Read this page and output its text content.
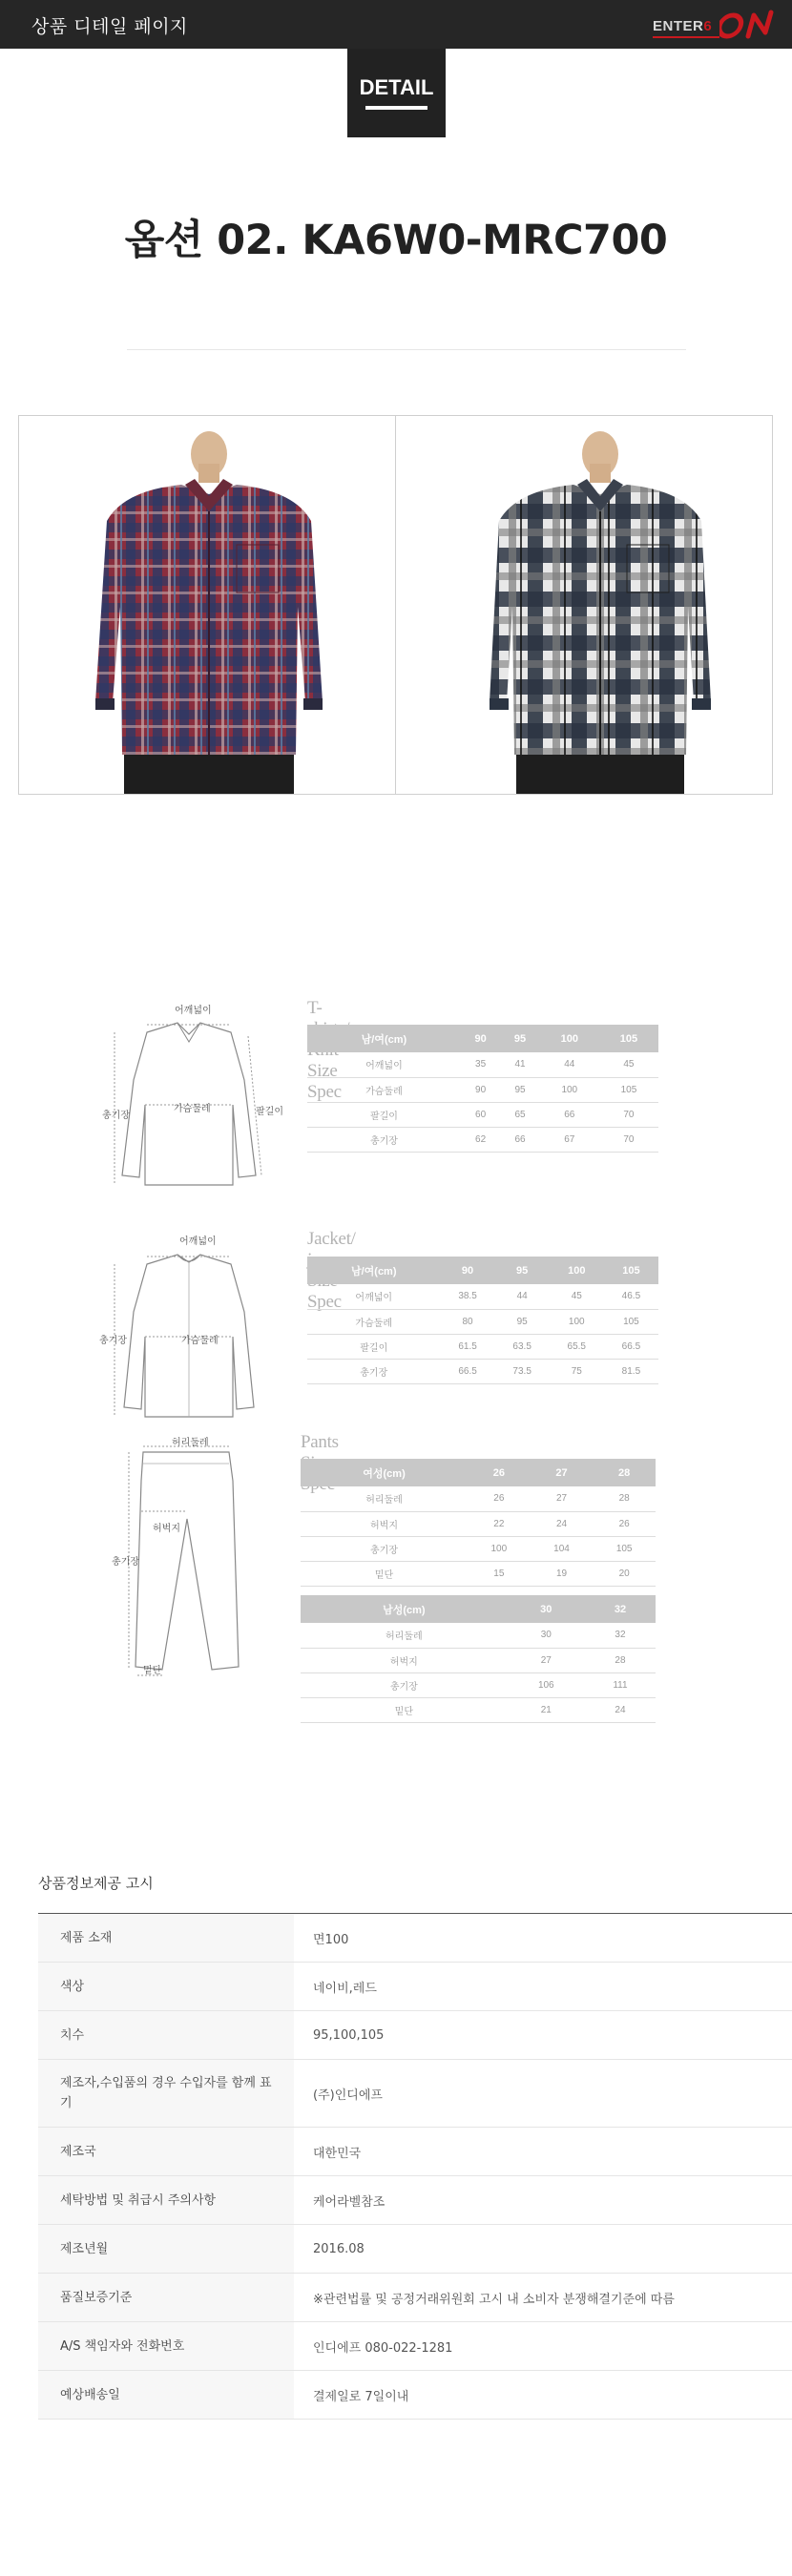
상품 디테일 페이지	ENTER6
DETAIL
옵션 02. KA6W0-MRC700
어깨넓이
가슴둘레	팔길이
총기장
T- Size Spec
남/여(cm)	90	95	100	105
어깨넓이	35	41	44	45
가슴둘레	90	95	100	105
팔길이	60	65	66	70
총기장	62	66	67	70
어깨넓이
가슴둘레
총기장
Jacket/ Spec
남/여(cm)	90	95	100	105
어깨넓이	38.5	44	45	46.5
가슴둘레	80	95	100	105
팔길이	61.5	63.5	65.5	66.5
총기장	66.5	73.5	75	81.5
허리둘레
허벅지
총기장
밑단
Pants
여성(cm)	26	27	28
허리둘레	26	27	28
허벅지	22	24	26
총기장	100	104	105
밑단	15	19	20
남성(cm)	30	32
허리둘레	30	32
허벅지	27	28
총기장	106	111
밑단	21	24
상품정보제공 고시
제품 소재	면100
색상	네이비,레드
치수	95,100,105
제조자,수입품의 경우 수입자를 함께 표기	(주)인디에프
제조국	대한민국
세탁방법 및 취급시 주의사항	케어라벨참조
제조년월	2016.08
품질보증기준	※관련법률 및 공정거래위원회 고시 내 소비자 분쟁해결기준에 따름
A/S 책임자와 전화번호	인디에프 080-022-1281
예상배송일	결제일로 7일이내
